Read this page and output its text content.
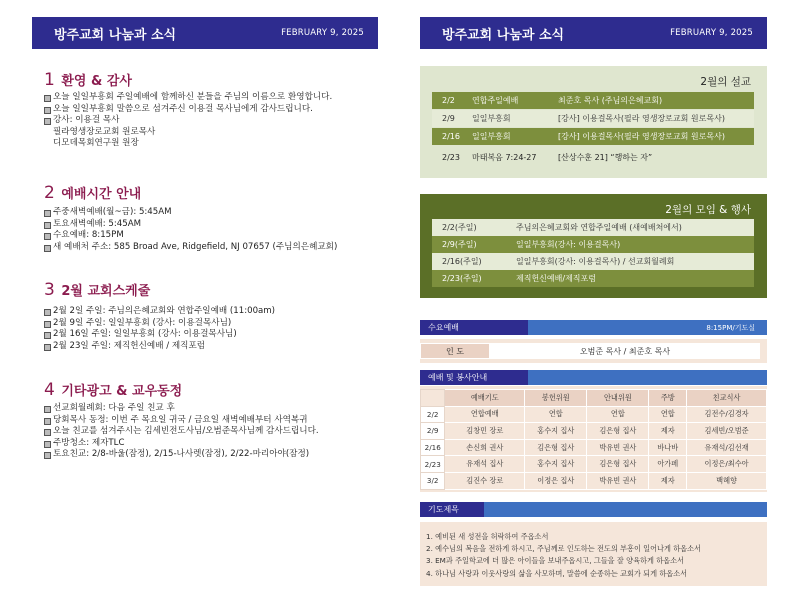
방주교회 나눔과 소식	FEBRUARY 9, 2025
1 환영 & 감사
오늘 일일부흥회 주일예배에 함께하신 분들을 주님의 이름으로 환영합니다.
오늘 일일부흥회 말씀으로 섬겨주신 이용걸 목사님에게 감사드립니다.
강사: 이용걸 목사
필라영생장로교회 원로목사
디모데목회연구원 원장
2 예배시간 안내
주중새벽예배(월~금): 5:45AM
토요새벽예배: 5:45AM
수요예배: 8:15PM
새 예배처 주소: 585 Broad Ave, Ridgefield, NJ 07657 (주님의은혜교회)
3 2월 교회스케줄
2월 2일 주일: 주님의은혜교회와 연합주일예배 (11:00am)
2월 9일 주일: 일일부흥회 (강사: 이용걸목사님)
2월 16일 주일: 일일부흥회 (강사: 이용걸목사님)
2월 23일 주일: 제직헌신예배 / 제직포럼
4 기타광고 & 교우동정
선교회월례회: 다음 주일 친교 후
당회목사 동정: 이번 주 목요일 귀국 / 금요일 새벽예배부터 사역복귀
오늘 친교를 섬겨주시는 김세빈전도사님/오범준목사님께 감사드립니다.
주방청소: 제자TLC
토요친교: 2/8-바울(잠정), 2/15-나사렛(잠정), 2/22-마리아야(잠정)
방주교회 나눔과 소식	FEBRUARY 9, 2025
2월의 설교
2/2 연합주일예배	최준호 목사 (주님의은혜교회)
2/9 일일부흥회	[강사] 이용걸목사(필라 영생장로교회 원로목사)
2/16 일일부흥회	[강사] 이용걸목사(필라 영생장로교회 원로목사)
2/23 마태복음 7:24-27	[산상수훈 21] “행하는 자”
2월의 모임 & 행사
2/2(주일)	주님의은혜교회와 연합주일예배 (새예배처에서)
2/9(주일)	일일부흥회(강사: 이용걸목사)
2/16(주일)	일일부흥회(강사: 이용걸목사) / 선교회월례회
2/23(주일)	제직헌신예배/제직포럼
수요예배	8:15PM/기도실
인 도	오범준 목사 / 최준호 목사
예배 및 봉사안내
	예배기도	봉헌위원	안내위원	주방	친교식사
2/2	연합예배	연합	연합	연합	김전수/김경자
2/9	김창민 장로	홍수지 집사	김은형 집사	제자	김세빈/오범준
2/16	손신희 권사	김은형 집사	박유빈 권사	바나바	유재석/김선재
2/23	유재석 집사	홍수지 집사	김은형 집사	아가페	이정은/최수아
3/2	김진수 장로	이정은 집사	박유빈 권사	제자	백혜향
기도제목
1. 예비된 새 성전을 허락하여 주옵소서
2. 예수님의 복음을 전하게 하시고, 주님께로 인도하는 전도의 부흥이 일어나게 하옵소서
3. EM과 주일학교에 더 많은 아이들을 보내주옵시고, 그들을 잘 양육하게 하옵소서
4. 하나님 사랑과 이웃사랑의 삶을 사모하며, 말씀에 순종하는 교회가 되게 하옵소서
